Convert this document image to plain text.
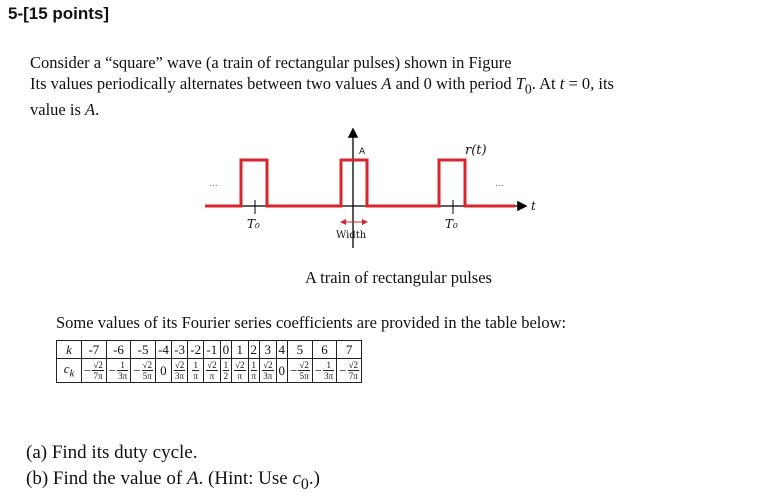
5-[15 points]

Consider a “square” wave (a train of rectangular pulses) shown in Figure

Its values periodically alternates between two values A and 0 with period $T_0$. At t = 0, its

value is A.

...	...
A	r(t)
t
T₀	T₀
Width
A train of rectangular pulses
Some values of its Fourier series coefficients are provided in the table below:
k	-7	-6	-5	-4	-3	-2	-1	0	1	2	3	4	5	6	7
$c_k$	− $\frac{√2}{7\pi}$	− $\frac{1}{3\pi}$	− $\frac{√2}{5\pi}$	0	$\frac{√2}{3\pi}$	$\frac{1}{\pi}$	$\frac{√2}{\pi}$	$\frac{1}{2}$	$\frac{√2}{\pi}$	$\frac{1}{\pi}$	$\frac{√2}{3\pi}$	0	− $\frac{√2}{5\pi}$	− $\frac{1}{3\pi}$	− $\frac{√2}{7\pi}$
(a) Find its duty cycle.
(b) Find the value of A. (Hint: Use $c_0$.)
